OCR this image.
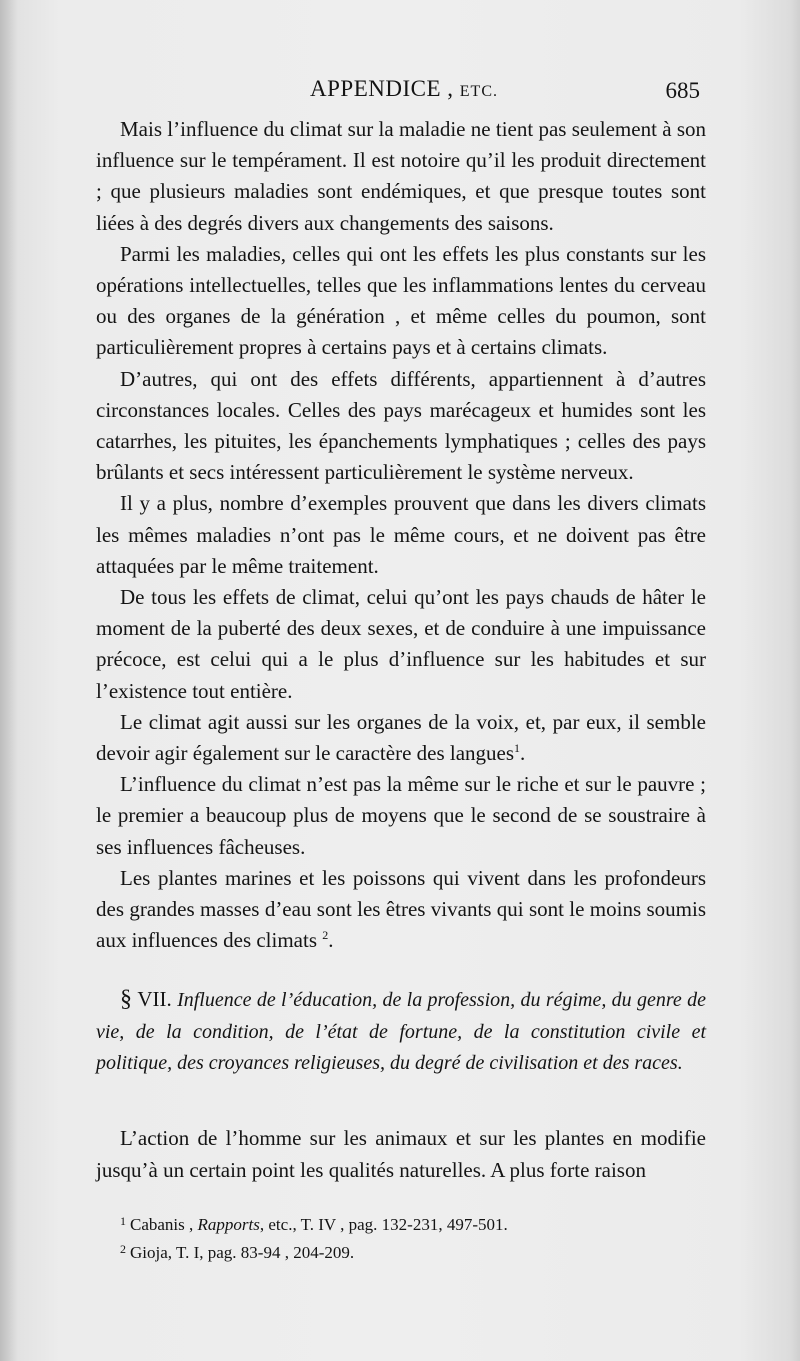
APPENDICE , ETC.	685

Mais l’influence du climat sur la maladie ne tient pas seulement à son influence sur le tempérament. Il est notoire qu’il les produit directement ; que plusieurs maladies sont endémiques, et que presque toutes sont liées à des degrés divers aux changements des saisons.

Parmi les maladies, celles qui ont les effets les plus constants sur les opérations intellectuelles, telles que les inflammations lentes du cerveau ou des organes de la génération , et même celles du poumon, sont particulièrement propres à certains pays et à certains climats.

D’autres, qui ont des effets différents, appartiennent à d’autres circonstances locales. Celles des pays marécageux et humides sont les catarrhes, les pituites, les épanchements lymphatiques ; celles des pays brûlants et secs intéressent particulièrement le système nerveux.

Il y a plus, nombre d’exemples prouvent que dans les divers climats les mêmes maladies n’ont pas le même cours, et ne doivent pas être attaquées par le même traitement.

De tous les effets de climat, celui qu’ont les pays chauds de hâter le moment de la puberté des deux sexes, et de conduire à une impuissance précoce, est celui qui a le plus d’influence sur les habitudes et sur l’existence tout entière.

Le climat agit aussi sur les organes de la voix, et, par eux, il semble devoir agir également sur le caractère des langues$^1$.

L’influence du climat n’est pas la même sur le riche et sur le pauvre ; le premier a beaucoup plus de moyens que le second de se soustraire à ses influences fâcheuses.

Les plantes marines et les poissons qui vivent dans les profondeurs des grandes masses d’eau sont les êtres vivants qui sont le moins soumis aux influences des climats $^2$.

§ VII. Influence de l’éducation, de la profession, du régime, du genre de vie, de la condition, de l’état de fortune, de la constitution civile et politique, des croyances religieuses, du degré de civilisation et des races.

L’action de l’homme sur les animaux et sur les plantes en modifie jusqu’à un certain point les qualités naturelles. A plus forte raison

$^1$ Cabanis , Rapports, etc., T. IV , pag. 132-231, 497-501.
$^2$ Gioja, T. I, pag. 83-94 , 204-209.
